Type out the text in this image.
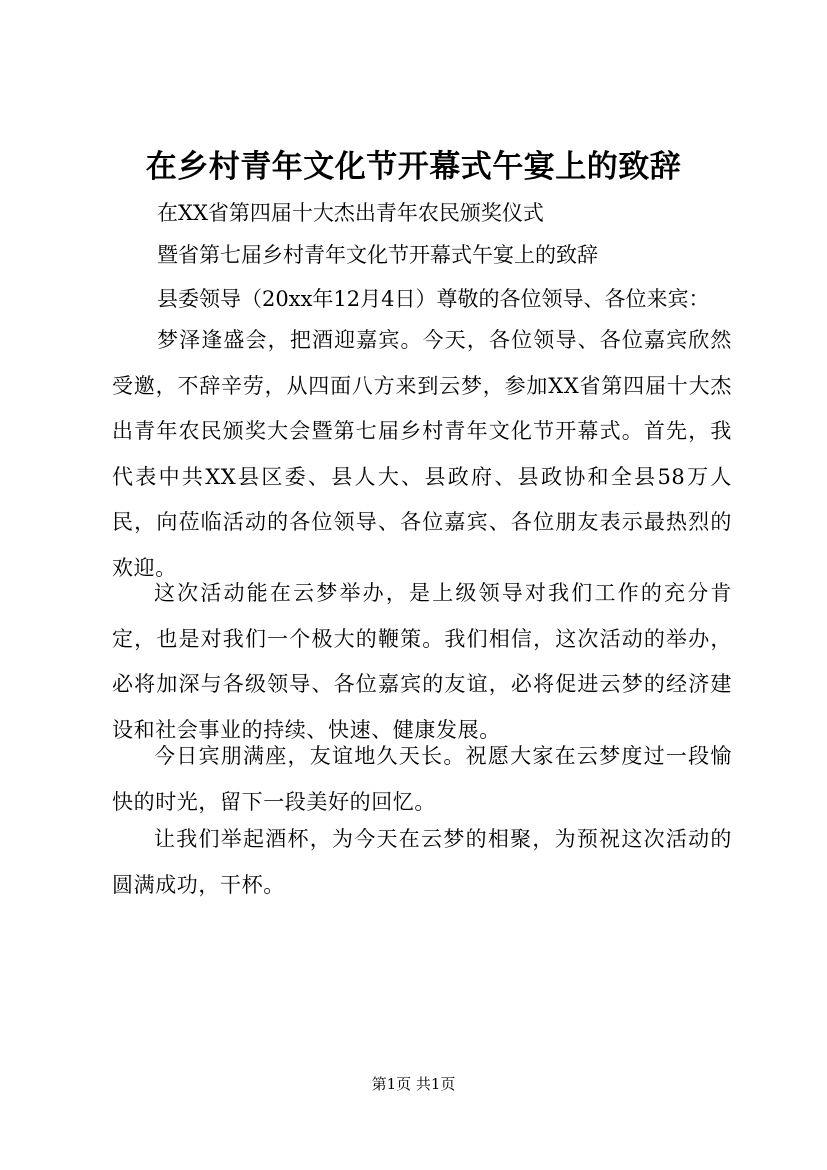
在乡村青年文化节开幕式午宴上的致辞
在XX省第四届十大杰出青年农民颁奖仪式
暨省第七届乡村青年文化节开幕式午宴上的致辞
县委领导（20xx年12月4日）尊敬的各位领导、各位来宾：

梦泽逢盛会，把酒迎嘉宾。今天，各位领导、各位嘉宾欣然受邀，不辞辛劳，从四面八方来到云梦，参加XX省第四届十大杰出青年农民颁奖大会暨第七届乡村青年文化节开幕式。首先，我代表中共XX县区委、县人大、县政府、县政协和全县58万人民，向莅临活动的各位领导、各位嘉宾、各位朋友表示最热烈的欢迎。

这次活动能在云梦举办，是上级领导对我们工作的充分肯定，也是对我们一个极大的鞭策。我们相信，这次活动的举办，必将加深与各级领导、各位嘉宾的友谊，必将促进云梦的经济建设和社会事业的持续、快速、健康发展。

今日宾朋满座，友谊地久天长。祝愿大家在云梦度过一段愉快的时光，留下一段美好的回忆。

让我们举起酒杯，为今天在云梦的相聚，为预祝这次活动的圆满成功，干杯。

第1页 共1页
